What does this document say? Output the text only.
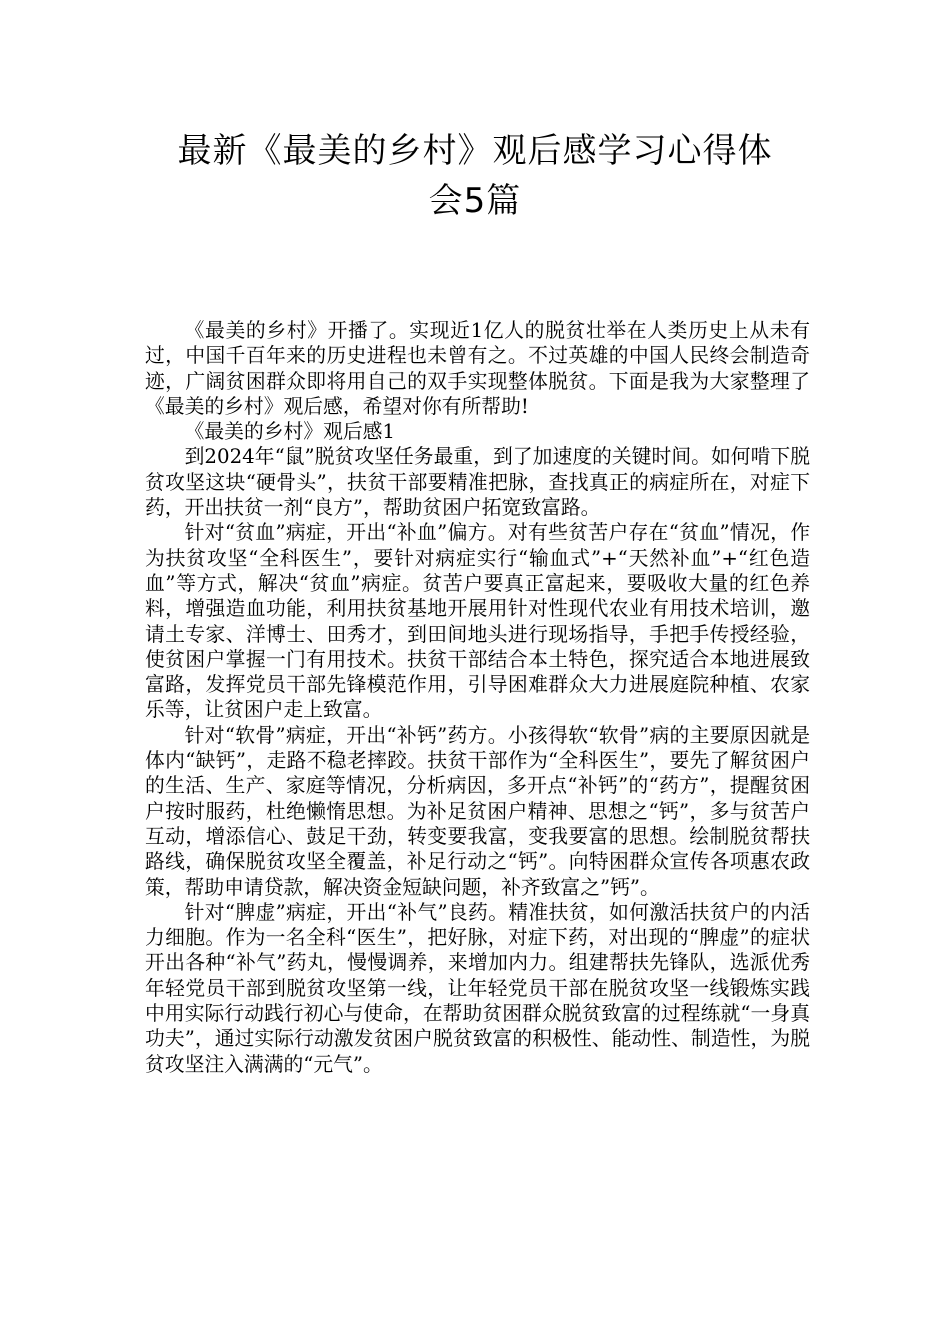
最新《最美的乡村》观后感学习心得体
会5篇

《最美的乡村》开播了。实现近1亿人的脱贫壮举在人类历史上从未有过，中国千百年来的历史进程也未曾有之。不过英雄的中国人民终会制造奇迹，广阔贫困群众即将用自己的双手实现整体脱贫。下面是我为大家整理了《最美的乡村》观后感，希望对你有所帮助!

《最美的乡村》观后感1

到2024年“鼠”脱贫攻坚任务最重，到了加速度的关键时间。如何啃下脱贫攻坚这块“硬骨头”，扶贫干部要精准把脉，查找真正的病症所在，对症下药，开出扶贫一剂“良方”，帮助贫困户拓宽致富路。

针对“贫血”病症，开出“补血”偏方。对有些贫苦户存在“贫血”情况，作为扶贫攻坚“全科医生”，要针对病症实行“输血式”+“天然补血”+“红色造血”等方式，解决“贫血”病症。贫苦户要真正富起来，要吸收大量的红色养料，增强造血功能，利用扶贫基地开展用针对性现代农业有用技术培训，邀请土专家、洋博士、田秀才，到田间地头进行现场指导，手把手传授经验，使贫困户掌握一门有用技术。扶贫干部结合本土特色，探究适合本地进展致富路，发挥党员干部先锋模范作用，引导困难群众大力进展庭院种植、农家乐等，让贫困户走上致富。

针对“软骨”病症，开出“补钙”药方。小孩得软“软骨”病的主要原因就是体内“缺钙”，走路不稳老摔跤。扶贫干部作为“全科医生”，要先了解贫困户的生活、生产、家庭等情况，分析病因，多开点“补钙”的“药方”，提醒贫困户按时服药，杜绝懒惰思想。为补足贫困户精神、思想之“钙”，多与贫苦户互动，增添信心、鼓足干劲，转变要我富，变我要富的思想。绘制脱贫帮扶路线，确保脱贫攻坚全覆盖，补足行动之“钙”。向特困群众宣传各项惠农政策，帮助申请贷款，解决资金短缺问题，补齐致富之”钙”。

针对“脾虚”病症，开出“补气”良药。精准扶贫，如何激活扶贫户的内活力细胞。作为一名全科“医生”，把好脉，对症下药，对出现的“脾虚”的症状开出各种“补气”药丸，慢慢调养，来增加内力。组建帮扶先锋队，选派优秀年轻党员干部到脱贫攻坚第一线，让年轻党员干部在脱贫攻坚一线锻炼实践中用实际行动践行初心与使命，在帮助贫困群众脱贫致富的过程练就“一身真功夫”，通过实际行动激发贫困户脱贫致富的积极性、能动性、制造性，为脱贫攻坚注入满满的“元气”。
